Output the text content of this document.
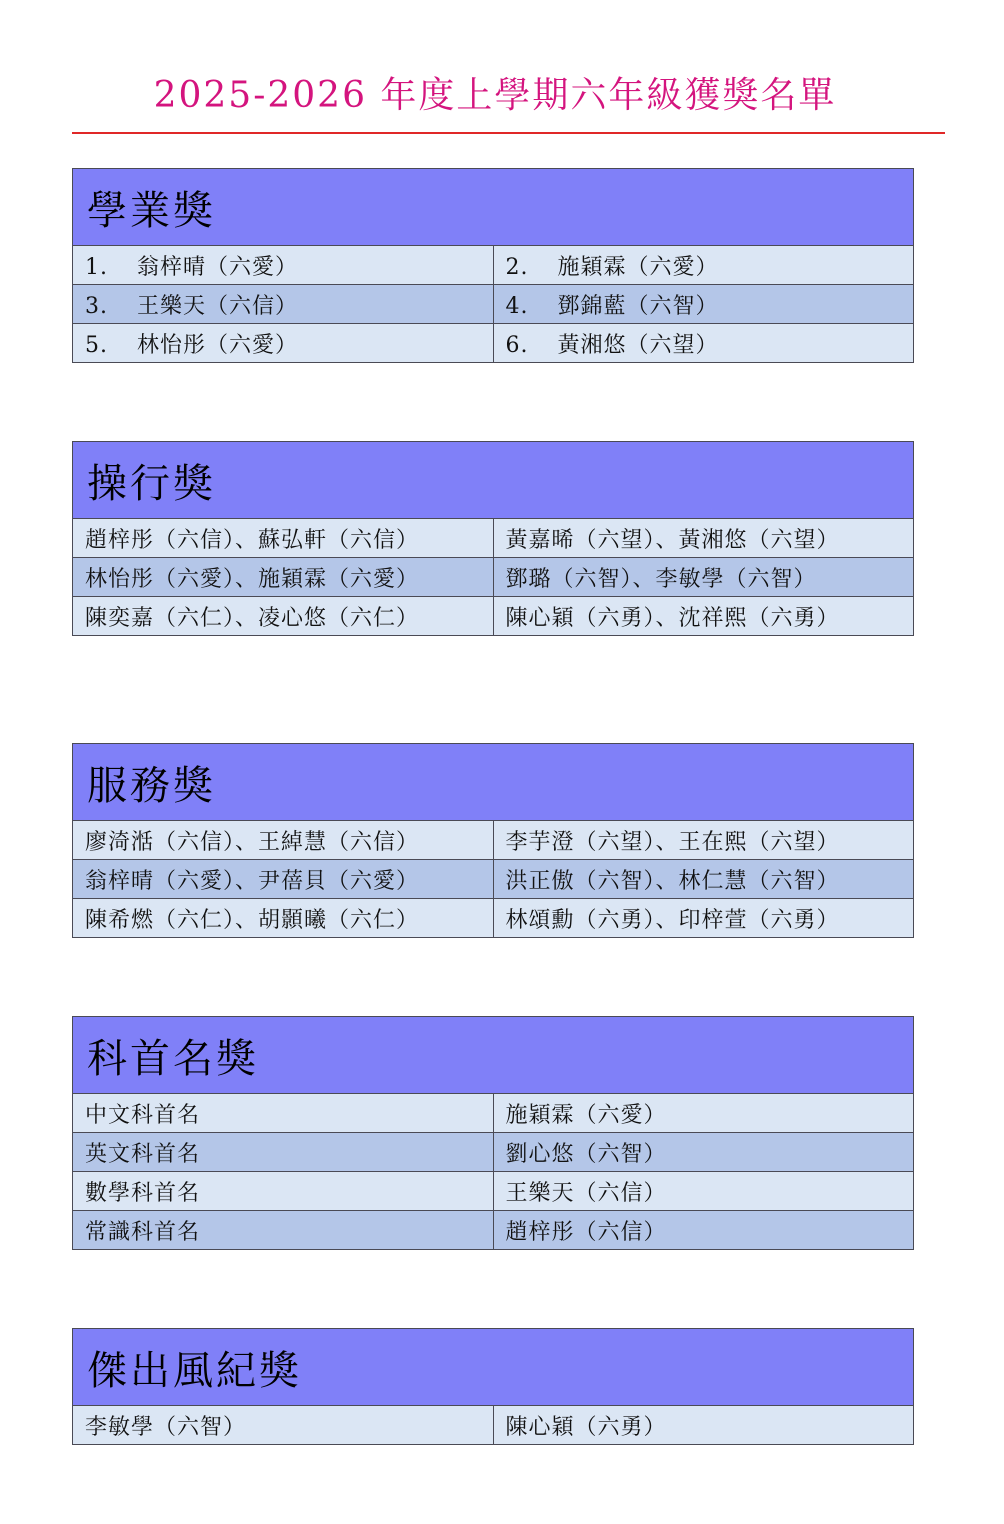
2025-2026 年度上學期六年級獲獎名單
學業獎	
1. 翁梓晴（六愛）	2. 施穎霖（六愛）
3. 王樂天（六信）	4. 鄧錦藍（六智）
5. 林怡彤（六愛）	6. 黃湘悠（六望）
操行獎	
趙梓彤（六信）、蘇弘軒（六信）	黃嘉晞（六望）、黃湘悠（六望）
林怡彤（六愛）、施穎霖（六愛）	鄧璐（六智）、李敏學（六智）
陳奕嘉（六仁）、凌心悠（六仁）	陳心穎（六勇）、沈祥熙（六勇）
服務獎	
廖渏湉（六信）、王綽慧（六信）	李芋澄（六望）、王在熙（六望）
翁梓晴（六愛）、尹蓓貝（六愛）	洪正傲（六智）、林仁慧（六智）
陳希燃（六仁）、胡顥曦（六仁）	林頌勳（六勇）、印梓萱（六勇）
科首名獎	
中文科首名	施穎霖（六愛）
英文科首名	劉心悠（六智）
數學科首名	王樂天（六信）
常識科首名	趙梓彤（六信）
傑出風紀獎
李敏學（六智）	陳心穎（六勇）
